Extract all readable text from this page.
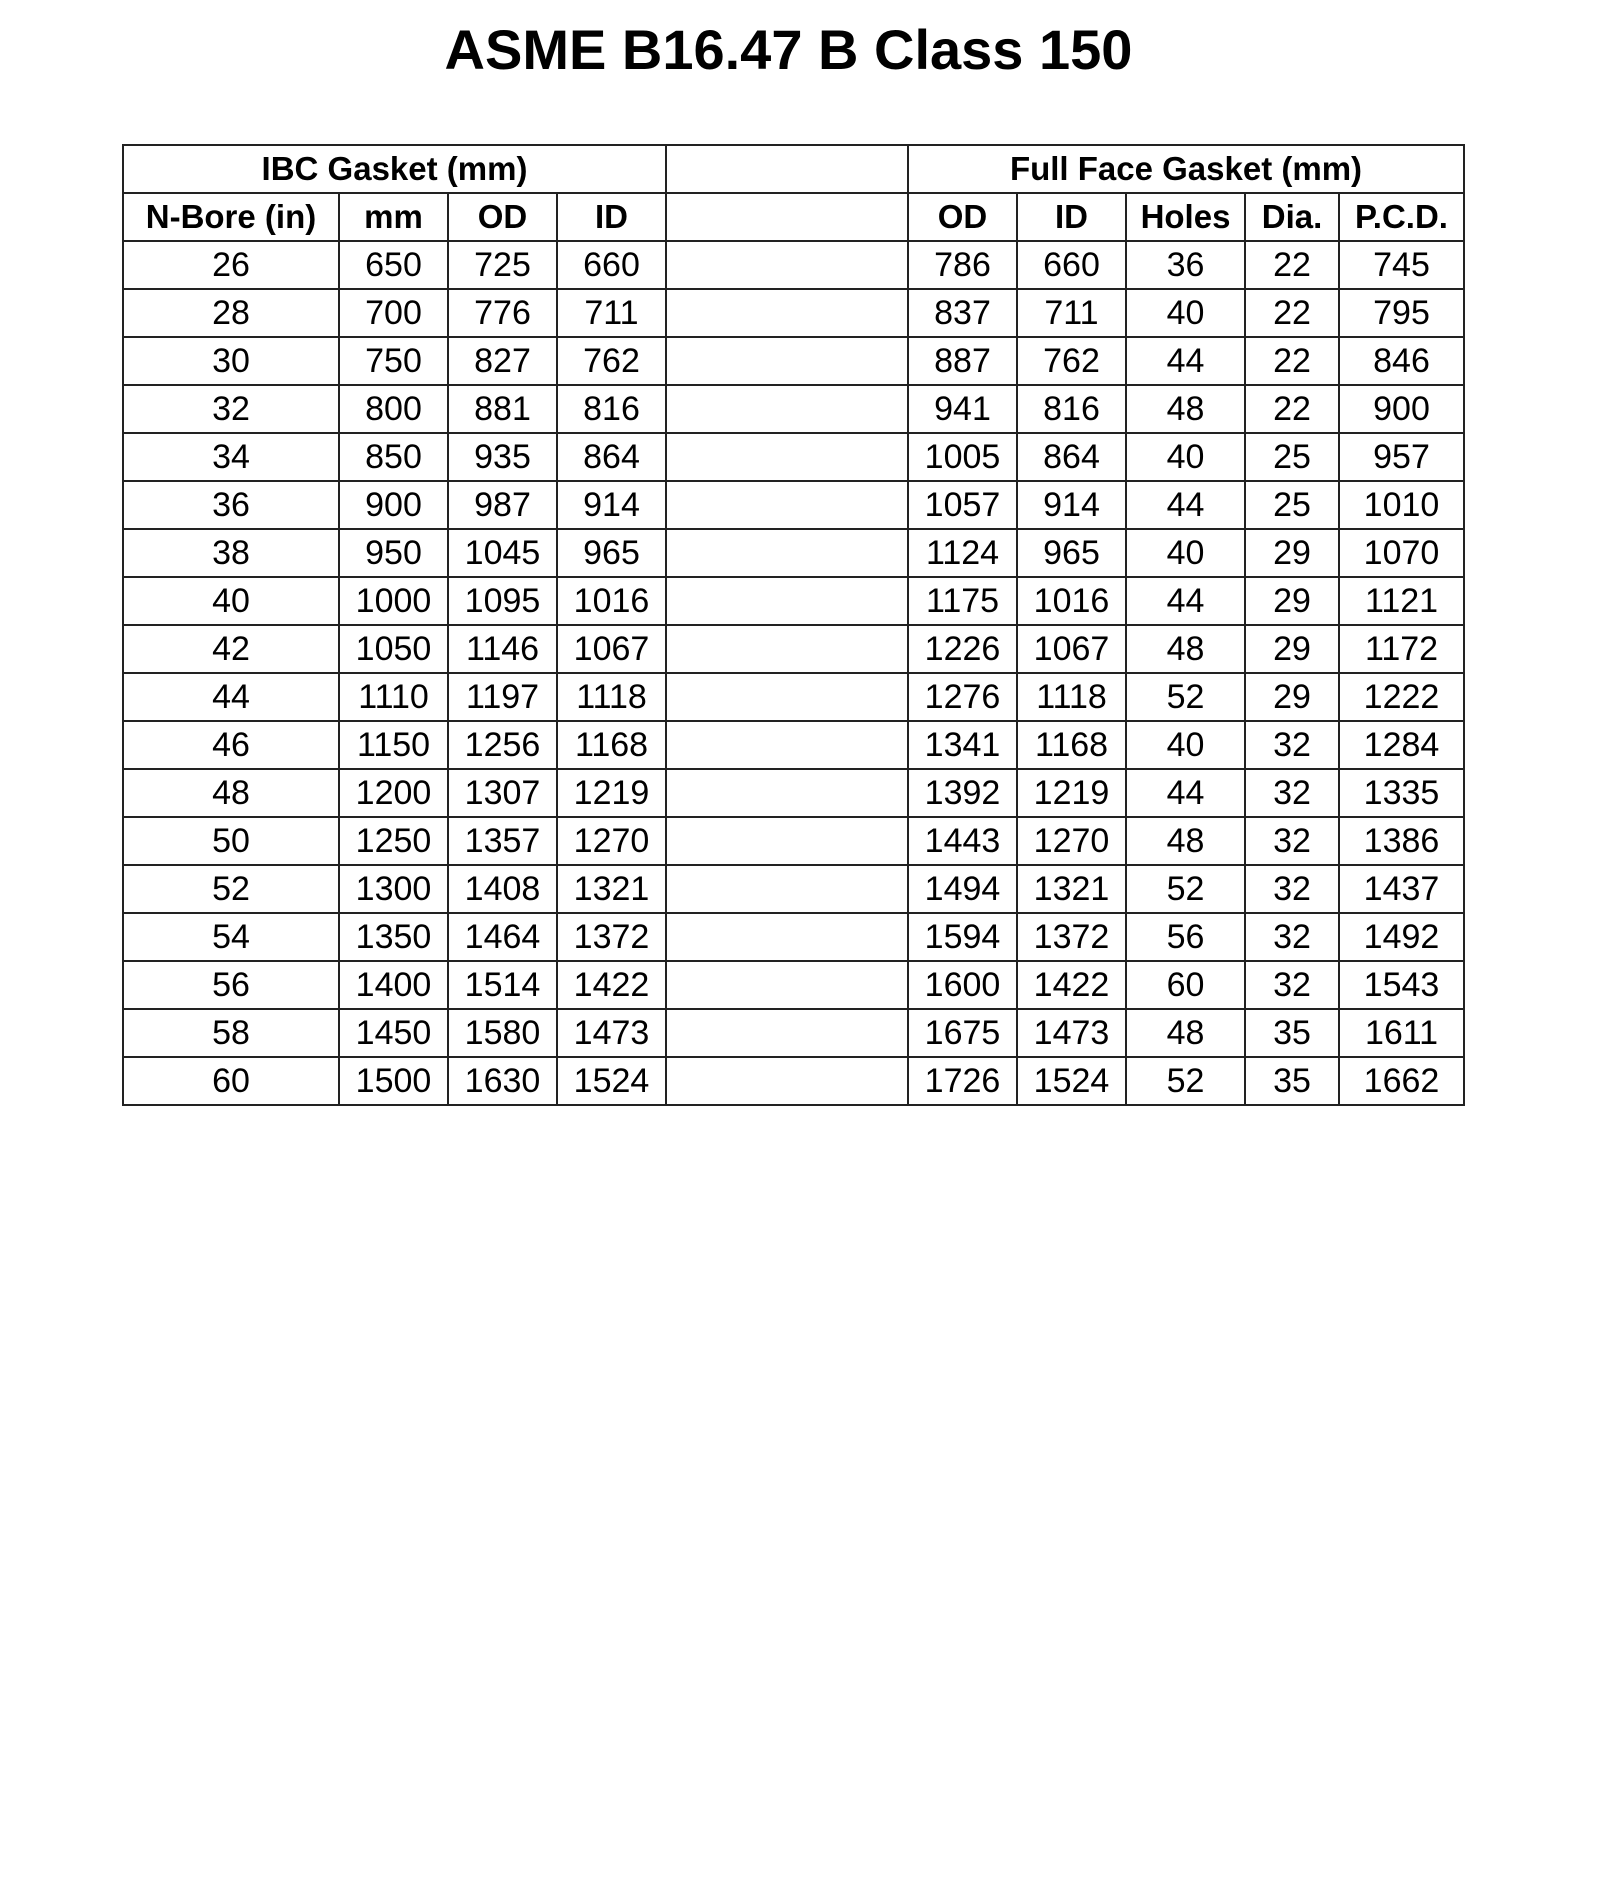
ASME B16.47 B Class 150
IBC Gasket (mm)					Full Face Gasket (mm)				
N-Bore (in)	mm	OD	ID		OD	ID	Holes	Dia.	P.C.D.
26	650	725	660		786	660	36	22	745
28	700	776	711		837	711	40	22	795
30	750	827	762		887	762	44	22	846
32	800	881	816		941	816	48	22	900
34	850	935	864		1005	864	40	25	957
36	900	987	914		1057	914	44	25	1010
38	950	1045	965		1124	965	40	29	1070
40	1000	1095	1016		1175	1016	44	29	1121
42	1050	1146	1067		1226	1067	48	29	1172
44	1110	1197	1118		1276	1118	52	29	1222
46	1150	1256	1168		1341	1168	40	32	1284
48	1200	1307	1219		1392	1219	44	32	1335
50	1250	1357	1270		1443	1270	48	32	1386
52	1300	1408	1321		1494	1321	52	32	1437
54	1350	1464	1372		1594	1372	56	32	1492
56	1400	1514	1422		1600	1422	60	32	1543
58	1450	1580	1473		1675	1473	48	35	1611
60	1500	1630	1524		1726	1524	52	35	1662
